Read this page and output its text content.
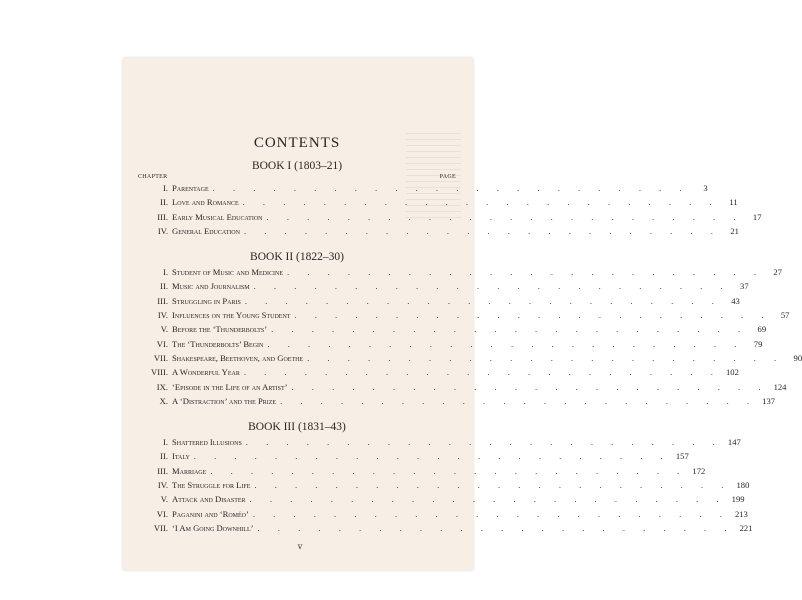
CONTENTS
BOOK I (1803–21)
CHAPTER	PAGE
I. Parentage . . . . . . . . . . . . . . . . . . . . . . . .	3
II. Love and Romance . . . . . . . . . . . . . . . . . . . . . . . .	11
III. Early Musical Education . . . . . . . . . . . . . . . . . . . . . . . .	17
IV. General Education . . . . . . . . . . . . . . . . . . . . . . . .	21
BOOK II (1822–30)
I. Student of Music and Medicine . . . . . . . . . . . . . . . . . . . . . . . .	27
II. Music and Journalism . . . . . . . . . . . . . . . . . . . . . . . .	37
III. Struggling in Paris . . . . . . . . . . . . . . . . . . . . . . . .	43
IV. Influences on the Young Student . . . . . . . . . . . . . . . . . . . . . . . .	57
V. Before the ‘Thunderbolts’ . . . . . . . . . . . . . . . . . . . . . . . .	69
VI. The ‘Thunderbolts’ Begin . . . . . . . . . . . . . . . . . . . . . . . .	79
VII. Shakespeare, Beethoven, and Goethe . . . . . . . . . . . . . . . . . . . . . . . .	90
VIII. A Wonderful Year . . . . . . . . . . . . . . . . . . . . . . . . 102
IX. ‘Episode in the Life of an Artist’ . . . . . . . . . . . . . . . . . . . . . . . . 124
X. A ‘Distraction’ and the Prize . . . . . . . . . . . . . . . . . . . . . . . . 137
BOOK III (1831–43)
I. Shattered Illusions . . . . . . . . . . . . . . . . . . . . . . . . 147
II. Italy . . . . . . . . . . . . . . . . . . . . . . . . 157
III. Marriage . . . . . . . . . . . . . . . . . . . . . . . . 172
IV. The Struggle for Life . . . . . . . . . . . . . . . . . . . . . . . . 180
V. Attack and Disaster . . . . . . . . . . . . . . . . . . . . . . . . 199
VI. Paganini and ‘Roméo’ . . . . . . . . . . . . . . . . . . . . . . . . 213
VII. ‘I Am Going Downhill’ . . . . . . . . . . . . . . . . . . . . . . . . 221
v
